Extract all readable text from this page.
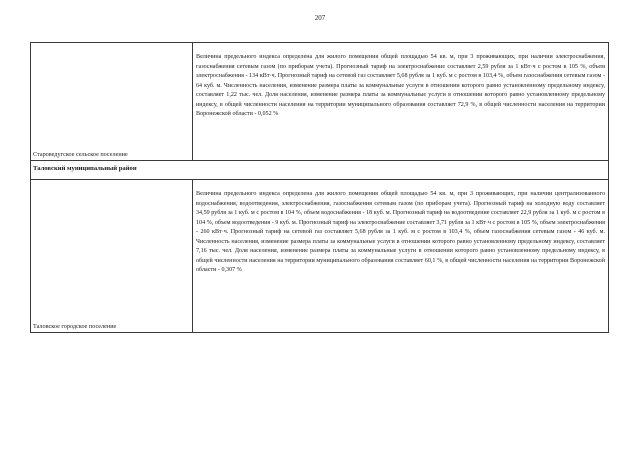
207
Староведугское сельское поселение	Величина предельного индекса определена для жилого помещения общей площадью 54 кв. м, при 3 проживающих, при наличии электроснабжения, газоснабжения сетевым газом (по приборам учета). Прогнозный тариф на электроснабжение составляет 2,59 рубля за 1 кВт·ч с ростом в 105 %, объем электроснабжения - 134 кВт·ч. Прогнозный тариф на сетевой газ составляет 5,68 рубля за 1 куб. м с ростом в 103,4 %, объем газоснабжения сетевым газом - 64 куб. м. Численность населения, изменение размера платы за коммунальные услуги в отношении которого равно установленному предельному индексу, составляет 1,22 тыс. чел. Доля населения, изменение размера платы за коммунальные услуги в отношении которого равно установленному предельному индексу, в общей численности населения на территории муниципального образования составляет 72,9 %, в общей численности населения на территории Воронежской области - 0,052 %
Таловский муниципальный район	
Таловское городское поселение	Величина предельного индекса определена для жилого помещения общей площадью 54 кв. м, при 3 проживающих, при наличии централизованного водоснабжения, водоотведения, электроснабжения, газоснабжения сетевым газом (по приборам учета). Прогнозный тариф на холодную воду составляет 34,59 рубля за 1 куб. м с ростом в 104 %, объем водоснабжения - 18 куб. м. Прогнозный тариф на водоотведение составляет 22,9 рубля за 1 куб. м с ростом в 104 %, объем водоотведения - 9 куб. м. Прогнозный тариф на электроснабжение составляет 3,71 рубля за 1 кВт·ч с ростом в 105 %, объем электроснабжения - 260 кВт·ч. Прогнозный тариф на сетевой газ составляет 5,68 рубля за 1 куб. м с ростом в 103,4 %, объем газоснабжения сетевым газом - 46 куб. м. Численность населения, изменение размера платы за коммунальные услуги в отношении которого равно установленному предельному индексу, составляет 7,16 тыс. чел. Доля населения, изменение размера платы за коммунальные услуги в отношении которого равно установленному предельному индексу, в общей численности населения на территории муниципального образования составляет 60,1 %, в общей численности населения на территории Воронежской области - 0,307 %
